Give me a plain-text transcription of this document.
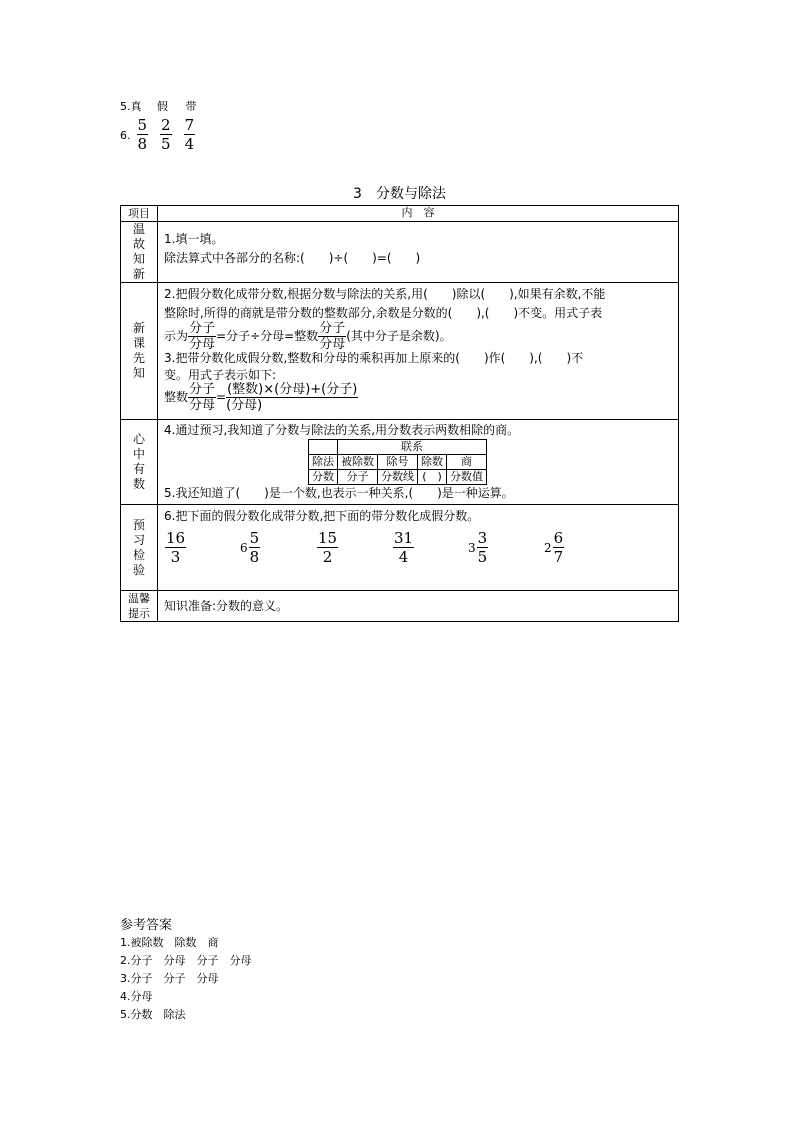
5.真 假 带
6. $\frac{5}{8} \frac{2}{5} \frac{7}{4}$
3　分数与除法
项目	内　容
温故知新	
1.填一填。
除法算式中各部分的名称:(　　)÷(　　)=(　　)

新课先知	
2.把假分数化成带分数,根据分数与除法的关系,用(　　)除以(　　),如果有余数,不能
整除时,所得的商就是带分数的整数部分,余数是分数的(　　),(　　)不变。用式子表
示为 $\frac{\text{分子}}{\text{分母}}$ =分子÷分母=整数 $\frac{\text{分子}}{\text{分母}}$ (其中分子是余数)。
3.把带分数化成假分数,整数和分母的乘积再加上原来的(　　)作(　　),(　　)不
变。用式子表示如下:
整数 $\frac{\text{分子}}{\text{分母}} = \frac{\text{(整数)×(分母)+(分子)}}{\text{(分母)}}$

心中有数	
4.通过预习,我知道了分数与除法的关系,用分数表示两数相除的商。
	联系
除法	被除数	除号	除数	商
分数	分子	分数线	(　)	分数值
5.我还知道了(　　)是一个数,也表示一种关系,(　　)是一种运算。

预习检验	
6.把下面的假分数化成带分数,把下面的带分数化成假分数。
$\frac{16}{3}$	$6 \frac{5}{8}$	$\frac{15}{2}$	$\frac{31}{4}$	$3 \frac{3}{5}$	$2 \frac{6}{7}$

温馨提示	知识准备:分数的意义。
参考答案
1.被除数　除数　商
2.分子　分母　分子　分母
3.分子　分子　分母
4.分母
5.分数　除法
